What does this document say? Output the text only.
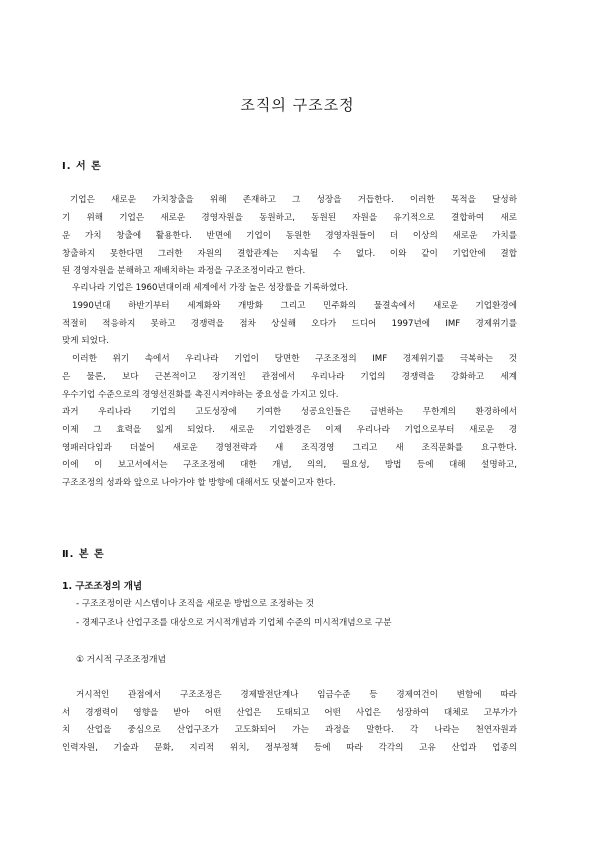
조직의 구조조정
Ⅰ. 서 론
기업은 새로운 가치창출을 위해 존재하고 그 성장을 거듭한다. 이러한 목적을 달성하
기 위해 기업은 새로운 경영자원을 동원하고, 동원된 자원을 유기적으로 결합하여 새로
운 가치 창출에 활용한다. 반면에 기업이 동원한 경영자원들이 더 이상의 새로운 가치를
창출하지 못한다면 그러한 자원의 결합관계는 지속될 수 없다. 이와 같이 기업안에 결합
된 경영자원을 분해하고 재배치하는 과정을 구조조정이라고 한다.
우리나라 기업은 1960년대이래 세계에서 가장 높은 성장률을 기록하였다.
1990년대 하반기부터 세계화와 개방화 그리고 민주화의 물결속에서 새로운 기업환경에
적절히 적응하지 못하고 경쟁력을 점차 상실해 오다가 드디어 1997년에 IMF 경제위기를
맞게 되었다.
이러한 위기 속에서 우리나라 기업이 당면한 구조조정의 IMF 경제위기를 극복하는 것
은 물론, 보다 근본적이고 장기적인 관점에서 우리나라 기업의 경쟁력을 강화하고 세계
우수기업 수준으로의 경영선진화를 촉진시켜야하는 중요성을 가지고 있다.
과거 우리나라 기업의 고도성장에 기여한 성공요인들은 급변하는 무한계의 환경하에서
이제 그 효력을 잃게 되었다. 새로운 기업환경은 이제 우리나라 기업으로부터 새로운 경
영패러다임과 더불어 새로운 경영전략과 새 조직경영 그리고 새 조직문화를 요구한다.
이에 이 보고서에서는 구조조정에 대한 개념, 의의, 필요성, 방법 등에 대해 설명하고,
구조조정의 성과와 앞으로 나아가야 할 방향에 대해서도 덧붙이고자 한다.
Ⅱ. 본 론
1. 구조조정의 개념
- 구조조정이란 시스템이나 조직을 새로운 방법으로 조정하는 것
- 경제구조나 산업구조를 대상으로 거시적개념과 기업체 수준의 미시적개념으로 구분
① 거시적 구조조정개념
거시적인 관점에서 구조조정은 경제발전단계나 임금수준 등 경제여건이 변함에 따라
서 경쟁력이 영향을 받아 어떤 산업은 도태되고 어떤 사업은 성장하여 대체로 고부가가
치 산업을 중심으로 산업구조가 고도화되어 가는 과정을 말한다. 각 나라는 천연자원과
인력자원, 기술과 문화, 지리적 위치, 정부정책 등에 따라 각각의 고유 산업과 업종의
